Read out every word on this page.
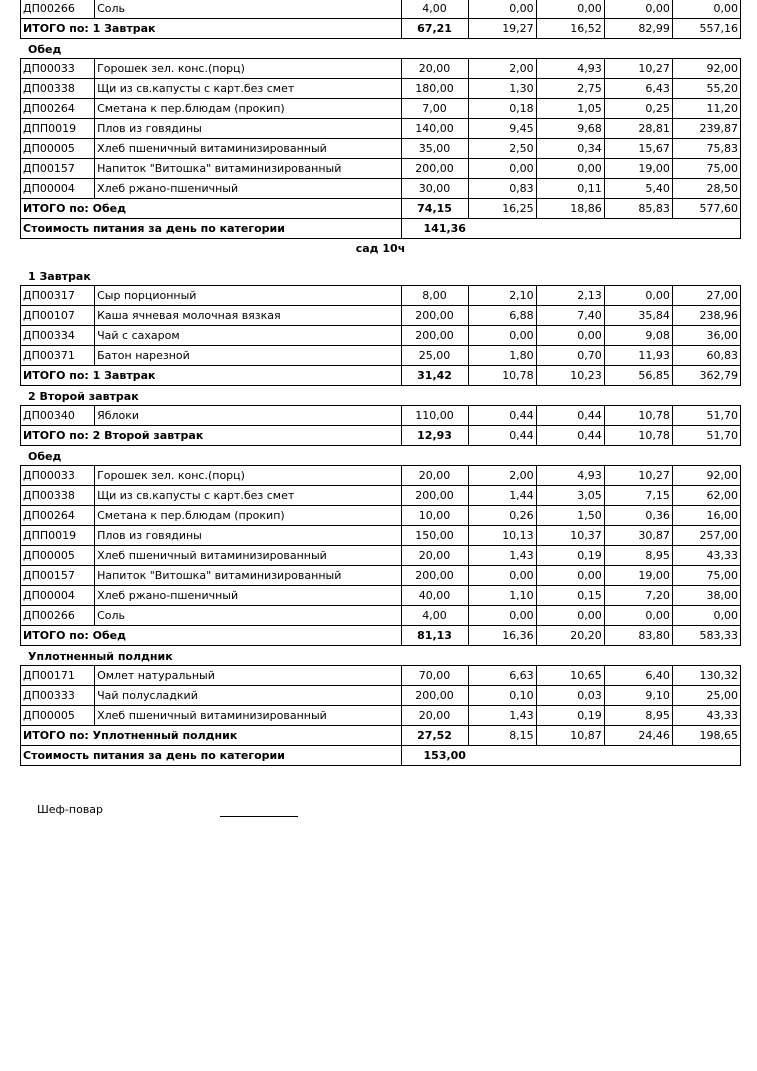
ДП00266	Соль	4,00	0,00	0,00	0,00	0,00
ИТОГО по: 1 Завтрак		67,21	19,27	16,52	82,99	557,16
Обед
ДП00033	Горошек зел. конс.(порц)	20,00	2,00	4,93	10,27	92,00
ДП00338	Щи из св.капусты с карт.без смет	180,00	1,30	2,75	6,43	55,20
ДП00264	Сметана к пер.блюдам (прокип)	7,00	0,18	1,05	0,25	11,20
ДПП0019	Плов из говядины	140,00	9,45	9,68	28,81	239,87
ДП00005	Хлеб пшеничный витаминизированный	35,00	2,50	0,34	15,67	75,83
ДП00157	Напиток "Витошка" витаминизированный	200,00	0,00	0,00	19,00	75,00
ДП00004	Хлеб ржано-пшеничный	30,00	0,83	0,11	5,40	28,50
ИТОГО по: Обед		74,15	16,25	18,86	85,83	577,60
Стоимость питания за день по категории		141,36				
сад 10ч
1 Завтрак
ДП00317	Сыр порционный	8,00	2,10	2,13	0,00	27,00
ДП00107	Каша ячневая молочная вязкая	200,00	6,88	7,40	35,84	238,96
ДП00334	Чай с сахаром	200,00	0,00	0,00	9,08	36,00
ДП00371	Батон нарезной	25,00	1,80	0,70	11,93	60,83
ИТОГО по: 1 Завтрак		31,42	10,78	10,23	56,85	362,79
2 Второй завтрак
ДП00340	Яблоки	110,00	0,44	0,44	10,78	51,70
ИТОГО по: 2 Второй завтрак		12,93	0,44	0,44	10,78	51,70
Обед
ДП00033	Горошек зел. конс.(порц)	20,00	2,00	4,93	10,27	92,00
ДП00338	Щи из св.капусты с карт.без смет	200,00	1,44	3,05	7,15	62,00
ДП00264	Сметана к пер.блюдам (прокип)	10,00	0,26	1,50	0,36	16,00
ДПП0019	Плов из говядины	150,00	10,13	10,37	30,87	257,00
ДП00005	Хлеб пшеничный витаминизированный	20,00	1,43	0,19	8,95	43,33
ДП00157	Напиток "Витошка" витаминизированный	200,00	0,00	0,00	19,00	75,00
ДП00004	Хлеб ржано-пшеничный	40,00	1,10	0,15	7,20	38,00
ДП00266	Соль	4,00	0,00	0,00	0,00	0,00
ИТОГО по: Обед		81,13	16,36	20,20	83,80	583,33
Уплотненный полдник
ДП00171	Омлет натуральный	70,00	6,63	10,65	6,40	130,32
ДП00333	Чай полусладкий	200,00	0,10	0,03	9,10	25,00
ДП00005	Хлеб пшеничный витаминизированный	20,00	1,43	0,19	8,95	43,33
ИТОГО по: Уплотненный полдник		27,52	8,15	10,87	24,46	198,65
Стоимость питания за день по категории		153,00				
Шеф-повар
